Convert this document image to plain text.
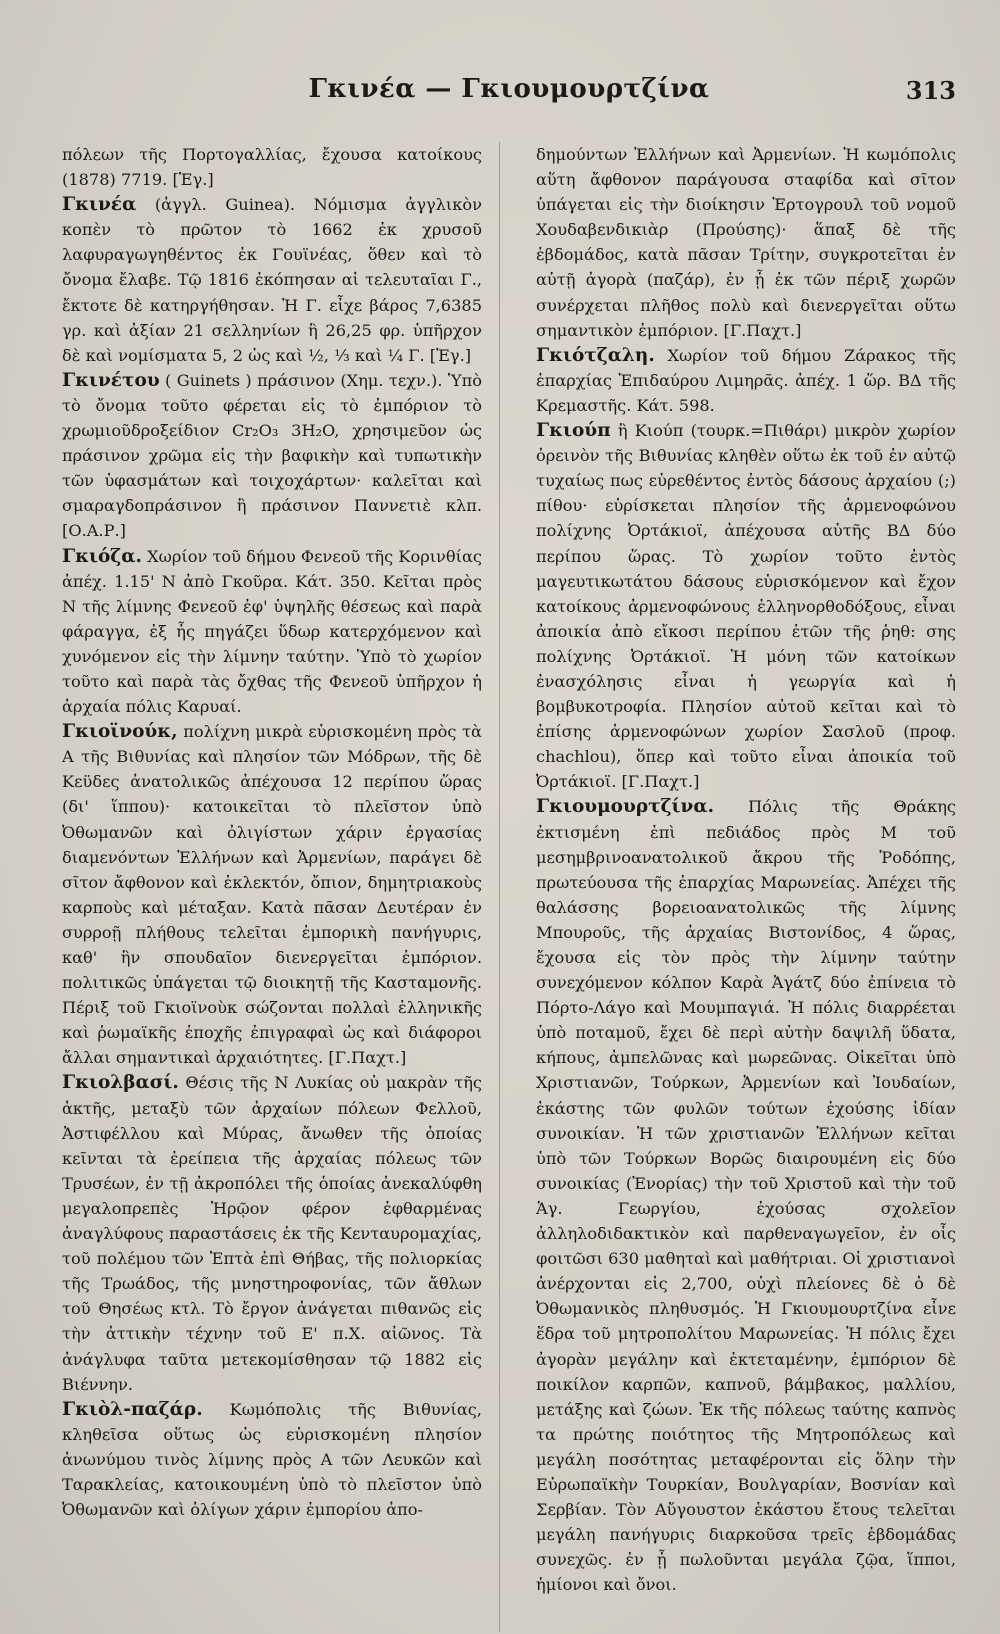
Γκινέα — Γκιουμουρτζίνα	313

πόλεων τῆς Πορτογαλλίας, ἔχουσα κατοίκους (1878) 7719. [Ἐγ.]

Γκινέα (ἀγγλ. Guinea). Νόμισμα ἀγγλικὸν κοπὲν τὸ πρῶτον τὸ 1662 ἐκ χρυσοῦ λαφυραγωγηθέντος ἐκ Γουϊνέας, ὅθεν καὶ τὸ ὄνομα ἔλαβε. Τῷ 1816 ἐκόπησαν αἱ τελευταῖαι Γ., ἔκτοτε δὲ κατηργήθησαν. Ἡ Γ. εἶχε βάρος 7,6385 γρ. καὶ ἀξίαν 21 σελληνίων ἢ 26,25 φρ. ὑπῆρχον δὲ καὶ νομίσματα 5, 2 ὡς καὶ ½, ⅓ καὶ ¼ Γ. [Ἐγ.]

Γκινέτου ( Guinets ) πράσινον (Χημ. τεχν.). Ὑπὸ τὸ ὄνομα τοῦτο φέρεται εἰς τὸ ἐμπόριον τὸ χρωμιοῦδροξείδιον Cr₂O₃ 3H₂O, χρησιμεῦον ὡς πράσινον χρῶμα εἰς τὴν βαφικὴν καὶ τυπωτικὴν τῶν ὑφασμάτων καὶ τοιχοχάρτων· καλεῖται καὶ σμαραγδοπράσινον ἢ πράσινον Παννετιὲ κλπ. [Ο.Α.Ρ.]

Γκιόζα. Χωρίον τοῦ δήμου Φενεοῦ τῆς Κορινθίας ἀπέχ. 1.15' Ν ἀπὸ Γκοῦρα. Κάτ. 350. Κεῖται πρὸς Ν τῆς λίμνης Φενεοῦ ἐφ' ὑψηλῆς θέσεως καὶ παρὰ φάραγγα, ἐξ ἧς πηγάζει ὕδωρ κατερχόμενον καὶ χυνόμενον εἰς τὴν λίμνην ταύτην. Ὑπὸ τὸ χωρίον τοῦτο καὶ παρὰ τὰς ὄχθας τῆς Φενεοῦ ὑπῆρχον ἡ ἀρχαία πόλις Καρυαί.

Γκιοϊνούκ, πολίχνη μικρὰ εὑρισκομένη πρὸς τὰ Α τῆς Βιθυνίας καὶ πλησίον τῶν Μόδρων, τῆς δὲ Κεϋδες ἀνατολικῶς ἀπέχουσα 12 περίπου ὥρας (δι' ἵππου)· κατοικεῖται τὸ πλεῖστον ὑπὸ Ὀθωμανῶν καὶ ὀλιγίστων χάριν ἐργασίας διαμενόντων Ἑλλήνων καὶ Ἀρμενίων, παράγει δὲ σῖτον ἄφθονον καὶ ἐκλεκτόν, ὄπιον, δημητριακοὺς καρποὺς καὶ μέταξαν. Κατὰ πᾶσαν Δευτέραν ἐν συρροῇ πλήθους τελεῖται ἐμπορικὴ πανήγυρις, καθ' ἣν σπουδαῖον διενεργεῖται ἐμπόριον. πολιτικῶς ὑπάγεται τῷ διοικητῇ τῆς Κασταμονῆς. Πέριξ τοῦ Γκιοϊνοὺκ σώζονται πολλαὶ ἑλληνικῆς καὶ ῥωμαϊκῆς ἐποχῆς ἐπιγραφαὶ ὡς καὶ διάφοροι ἄλλαι σημαντικαὶ ἀρχαιότητες. [Γ.Παχτ.]

Γκιολβασί. Θέσις τῆς Ν Λυκίας οὐ μακρὰν τῆς ἀκτῆς, μεταξὺ τῶν ἀρχαίων πόλεων Φελλοῦ, Ἀστιφέλλου καὶ Μύρας, ἄνωθεν τῆς ὁποίας κεῖνται τὰ ἐρείπεια τῆς ἀρχαίας πόλεως τῶν Τρυσέων, ἐν τῇ ἀκροπόλει τῆς ὁποίας ἀνεκαλύφθη μεγαλοπρεπὲς Ἡρῷον φέρον ἐφθαρμένας ἀναγλύφους παραστάσεις ἐκ τῆς Κενταυρομαχίας, τοῦ πολέμου τῶν Ἑπτὰ ἐπὶ Θήβας, τῆς πολιορκίας τῆς Τρωάδος, τῆς μνηστηροφονίας, τῶν ἄθλων τοῦ Θησέως κτλ. Τὸ ἔργον ἀνάγεται πιθανῶς εἰς τὴν ἀττικὴν τέχνην τοῦ Ε' π.Χ. αἰῶνος. Τὰ ἀνάγλυφα ταῦτα μετεκομίσθησαν τῷ 1882 εἰς Βιέννην.

Γκιὸλ-παζάρ. Κωμόπολις τῆς Βιθυνίας, κληθεῖσα οὕτως ὡς εὑρισκομένη πλησίον ἀνωνύμου τινὸς λίμνης πρὸς Α τῶν Λευκῶν καὶ Ταρακλείας, κατοικουμένη ὑπὸ τὸ πλεῖστον ὑπὸ Ὀθωμανῶν καὶ ὀλίγων χάριν ἐμπορίου ἀπο-

δημούντων Ἑλλήνων καὶ Ἀρμενίων. Ἡ κωμόπολις αὕτη ἄφθονον παράγουσα σταφίδα καὶ σῖτον ὑπάγεται εἰς τὴν διοίκησιν Ἐρτογρουλ τοῦ νομοῦ Χουδαβενδικιὰρ (Προύσης)· ἅπαξ δὲ τῆς ἑβδομάδος, κατὰ πᾶσαν Τρίτην, συγκροτεῖται ἐν αὐτῇ ἀγορὰ (παζάρ), ἐν ᾗ ἐκ τῶν πέριξ χωρῶν συνέρχεται πλῆθος πολὺ καὶ διενεργεῖται οὕτω σημαντικὸν ἐμπόριον. [Γ.Παχτ.]

Γκιότζαλη. Χωρίον τοῦ δήμου Ζάρακος τῆς ἐπαρχίας Ἐπιδαύρου Λιμηρᾶς. ἀπέχ. 1 ὥρ. ΒΔ τῆς Κρεμαστῆς. Κάτ. 598.

Γκιούπ ἢ Κιούπ (τουρκ.=Πιθάρι) μικρὸν χωρίον ὀρεινὸν τῆς Βιθυνίας κληθὲν οὕτω ἐκ τοῦ ἐν αὐτῷ τυχαίως πως εὑρεθέντος ἐντὸς δάσους ἀρχαίου (;) πίθου· εὑρίσκεται πλησίον τῆς ἀρμενοφώνου πολίχνης Ὀρτάκιοϊ, ἀπέχουσα αὐτῆς ΒΔ δύο περίπου ὥρας. Τὸ χωρίον τοῦτο ἐντὸς μαγευτικωτάτου δάσους εὑρισκόμενον καὶ ἔχον κατοίκους ἀρμενοφώνους ἑλληνορθοδόξους, εἶναι ἀποικία ἀπὸ εἴκοσι περίπου ἐτῶν τῆς ῥηθ: σης πολίχνης Ὀρτάκιοϊ. Ἡ μόνη τῶν κατοίκων ἐνασχόλησις εἶναι ἡ γεωργία καὶ ἡ βομβυκοτροφία. Πλησίον αὐτοῦ κεῖται καὶ τὸ ἐπίσης ἀρμενοφώνων χωρίον Σασλοῦ (προφ. chachlou), ὅπερ καὶ τοῦτο εἶναι ἀποικία τοῦ Ὀρτάκιοϊ. [Γ.Παχτ.]

Γκιουμουρτζίνα. Πόλις τῆς Θράκης ἐκτισμένη ἐπὶ πεδιάδος πρὸς Μ τοῦ μεσημβρινοανατολικοῦ ἄκρου τῆς Ῥοδόπης, πρωτεύουσα τῆς ἐπαρχίας Μαρωνείας. Ἀπέχει τῆς θαλάσσης βορειοανατολικῶς τῆς λίμνης Μπουροῦς, τῆς ἀρχαίας Βιστονίδος, 4 ὥρας, ἔχουσα εἰς τὸν πρὸς τὴν λίμνην ταύτην συνεχόμενον κόλπον Καρὰ Ἀγάτζ δύο ἐπίνεια τὸ Πόρτο-Λάγο καὶ Μουμπαγιά. Ἡ πόλις διαρρέεται ὑπὸ ποταμοῦ, ἔχει δὲ περὶ αὐτὴν δαψιλῆ ὕδατα, κήπους, ἀμπελῶνας καὶ μωρεῶνας. Οἰκεῖται ὑπὸ Χριστιανῶν, Τούρκων, Ἀρμενίων καὶ Ἰουδαίων, ἑκάστης τῶν φυλῶν τούτων ἐχούσης ἰδίαν συνοικίαν. Ἡ τῶν χριστιανῶν Ἑλλήνων κεῖται ὑπὸ τῶν Τούρκων Βορῶς διαιρουμένη εἰς δύο συνοικίας (Ἐνορίας) τὴν τοῦ Χριστοῦ καὶ τὴν τοῦ Ἁγ. Γεωργίου, ἐχούσας σχολεῖον ἀλληλοδιδακτικὸν καὶ παρθεναγωγεῖον, ἐν οἷς φοιτῶσι 630 μαθηταὶ καὶ μαθήτριαι. Οἱ χριστιανοὶ ἀνέρχονται εἰς 2,700, οὐχὶ πλείονες δὲ ὁ δὲ Ὀθωμανικὸς πληθυσμός. Ἡ Γκιουμουρτζίνα εἶνε ἕδρα τοῦ μητροπολίτου Μαρωνείας. Ἡ πόλις ἔχει ἀγορὰν μεγάλην καὶ ἐκτεταμένην, ἐμπόριον δὲ ποικίλον καρπῶν, καπνοῦ, βάμβακος, μαλλίου, μετάξης καὶ ζώων. Ἐκ τῆς πόλεως ταύτης καπνὸς τα πρώτης ποιότητος τῆς Μητροπόλεως καὶ μεγάλη ποσότητας μεταφέρονται εἰς ὅλην τὴν Εὐρωπαϊκὴν Τουρκίαν, Βουλγαρίαν, Βοσνίαν καὶ Σερβίαν. Τὸν Αὔγουστον ἑκάστου ἔτους τελεῖται μεγάλη πανήγυρις διαρκοῦσα τρεῖς ἑβδομάδας συνεχῶς. ἐν ᾗ πωλοῦνται μεγάλα ζῷα, ἵπποι, ἡμίονοι καὶ ὄνοι.
